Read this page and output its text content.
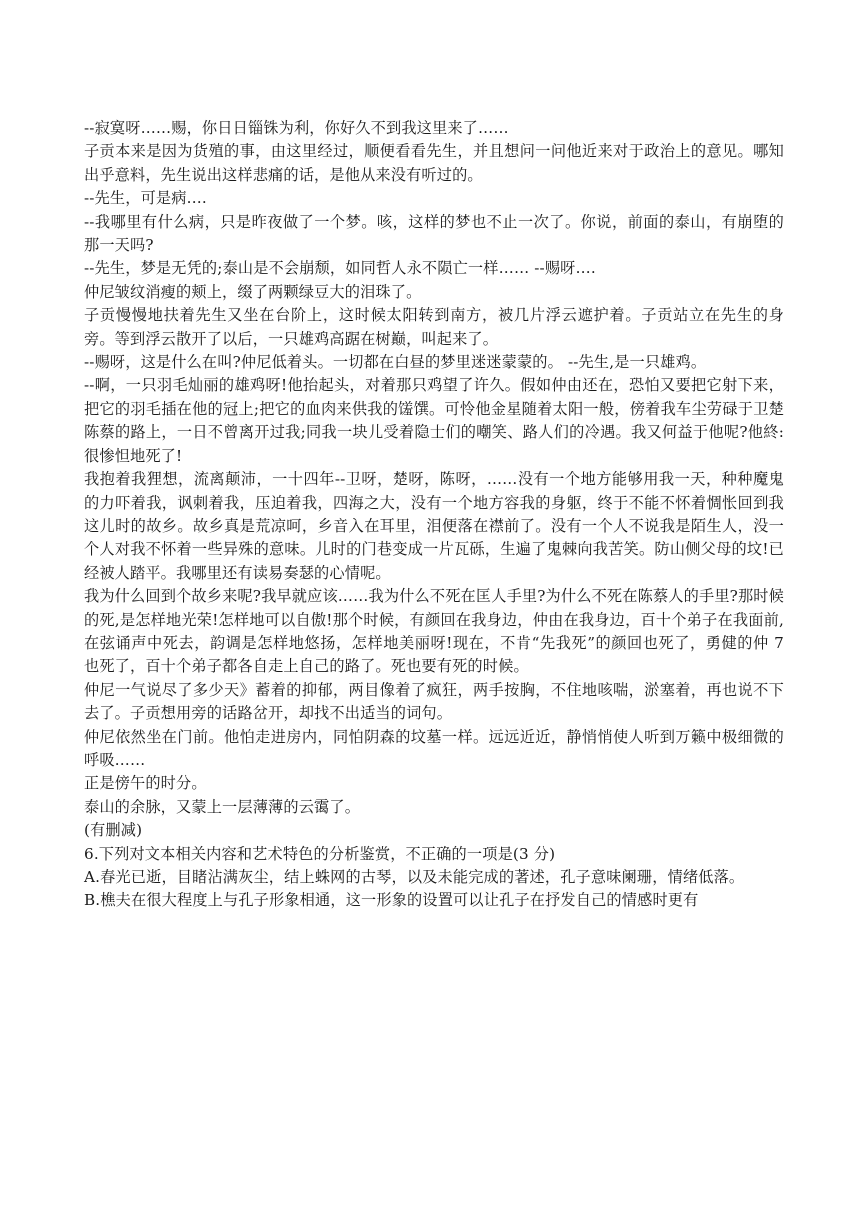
--寂寞呀……赐，你日日锱铢为利，你好久不到我这里来了……

子贡本来是因为货殖的事，由这里经过，顺便看看先生，并且想问一问他近来对于政治上的意见。哪知出乎意料，先生说出这样悲痛的话，是他从来没有听过的。

--先生，可是病.…

--我哪里有什么病，只是昨夜做了一个梦。咳，这样的梦也不止一次了。你说，前面的泰山，有崩堕的那一天吗?

--先生，梦是无凭的;泰山是不会崩颓，如同哲人永不陨亡一样…… --赐呀….

仲尼皱纹消瘦的颊上，缀了两颗绿豆大的泪珠了。

子贡慢慢地扶着先生又坐在台阶上，这时候太阳转到南方，被几片浮云遮护着。子贡站立在先生的身旁。等到浮云散开了以后，一只雄鸡高踞在树巅，叫起来了。

--赐呀，这是什么在叫?仲尼低着头。一切都在白昼的梦里迷迷蒙蒙的。 --先生,是一只雄鸡。

--啊，一只羽毛灿丽的雄鸡呀!他抬起头，对着那只鸡望了许久。假如仲由还在，恐怕又要把它射下来，把它的羽毛插在他的冠上;把它的血肉来供我的馐馔。可怜他金星随着太阳一般，傍着我车尘劳碌于卫楚陈蔡的路上，一日不曾离开过我;同我一块儿受着隐士们的嘲笑、路人们的冷遇。我又何益于他呢?他終:很惨怛地死了!

我抱着我狸想，流离颠沛，一十四年--卫呀，楚呀，陈呀，……没有一个地方能够用我一天，种种魔鬼的力吓着我，讽刺着我，压迫着我，四海之大，没有一个地方容我的身躯，终于不能不怀着惆怅回到我这儿时的故乡。故乡真是荒凉呵，乡音入在耳里，泪便落在襟前了。没有一个人不说我是陌生人，没一个人对我不怀着一些异殊的意味。儿时的门巷变成一片瓦砾，生遍了鬼棘向我苦笑。防山侧父母的坟!已经被人踏平。我哪里还有读易奏瑟的心情呢。

我为什么回到个故乡来呢?我早就应该……我为什么不死在匡人手里?为什么不死在陈蔡人的手里?那时候的死,是怎样地光荣!怎样地可以自傲!那个时候，有颜回在我身边，仲由在我身边，百十个弟子在我面前,在弦诵声中死去，韵调是怎样地悠扬，怎样地美丽呀!现在，不肯“先我死”的颜回也死了，勇健的仲 7 也死了，百十个弟子都各自走上自己的路了。死也要有死的时候。

仲尼一气说尽了多少天》蓄着的抑郁，两目像着了疯狂，两手按胸，不住地咳喘，淤塞着，再也说不下去了。子贡想用旁的话路岔开，却找不出适当的词句。

仲尼依然坐在门前。他怕走进房内，同怕阴森的坟墓一样。远远近近，静悄悄使人听到万籁中极细微的呼吸……

正是傍午的时分。

泰山的余脉，又蒙上一层薄薄的云霭了。

(有删减)

6.下列对文本相关内容和艺术特色的分析鉴赏，不正确的一项是(3 分)

A.春光已逝，目睹沾满灰尘，结上蛛网的古琴，以及未能完成的著述，孔子意味阑珊，情绪低落。

B.樵夫在很大程度上与孔子形象相通，这一形象的设置可以让孔子在抒发自己的情感时更有
